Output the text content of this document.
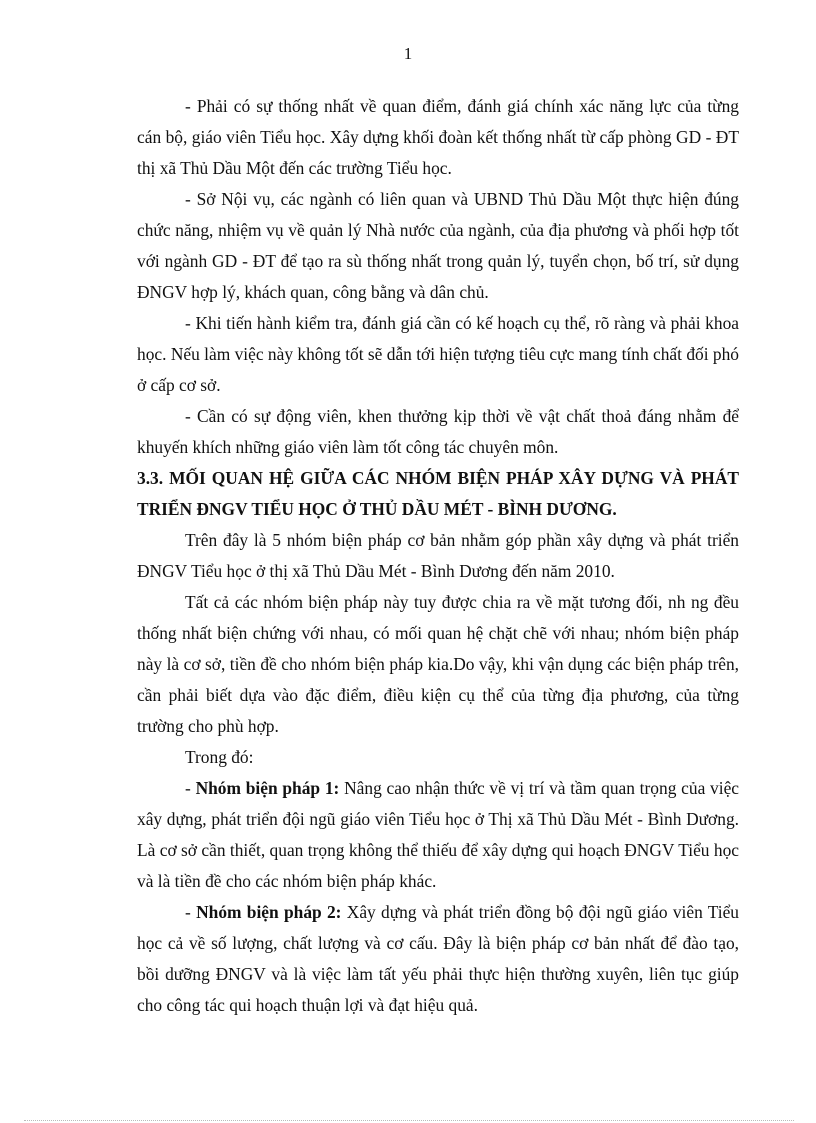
1

- Phải có sự thống nhất về quan điểm, đánh giá chính xác năng lực của từng cán bộ, giáo viên Tiểu học. Xây dựng khối đoàn kết thống nhất từ cấp phòng GD - ĐT thị xã Thủ Dầu Một đến các trường Tiểu học.

- Sở Nội vụ, các ngành có liên quan và UBND Thủ Dầu Một thực hiện đúng chức năng, nhiệm vụ về quản lý Nhà nước của ngành, của địa phương và phối hợp tốt với ngành GD - ĐT để tạo ra sù thống nhất trong quản lý, tuyển chọn, bố trí, sử dụng ĐNGV hợp lý, khách quan, công bằng và dân chủ.

- Khi tiến hành kiểm tra, đánh giá cần có kế hoạch cụ thể, rõ ràng và phải khoa học. Nếu làm việc này không tốt sẽ dẫn tới hiện tượng tiêu cực mang tính chất đối phó ở cấp cơ sở.

- Cần có sự động viên, khen thưởng kịp thời về vật chất thoả đáng nhằm để khuyến khích những giáo viên làm tốt công tác chuyên môn.

3.3. MỐI QUAN HỆ GIỮA CÁC NHÓM BIỆN PHÁP XÂY DỰNG VÀ PHÁT TRIỂN ĐNGV TIỂU HỌC Ở THỦ DẦU MÉT - BÌNH DƯƠNG.

Trên đây là 5 nhóm biện pháp cơ bản nhằm góp phần xây dựng và phát triển ĐNGV Tiểu học ở thị xã Thủ Dầu Mét - Bình Dương đến năm 2010.

Tất cả các nhóm biện pháp này tuy được chia ra về mặt tương đối, nh ng đều thống nhất biện chứng với nhau, có mối quan hệ chặt chẽ với nhau; nhóm biện pháp này là cơ sở, tiền đề cho nhóm biện pháp kia.Do vậy, khi vận dụng các biện pháp trên, cần phải biết dựa vào đặc điểm, điều kiện cụ thể của từng địa phương, của từng trường cho phù hợp.

Trong đó:

- Nhóm biện pháp 1: Nâng cao nhận thức về vị trí và tầm quan trọng của việc xây dựng, phát triển đội ngũ giáo viên Tiểu học ở Thị xã Thủ Dầu Mét - Bình Dương. Là cơ sở cần thiết, quan trọng không thể thiếu để xây dựng qui hoạch ĐNGV Tiểu học và là tiền đề cho các nhóm biện pháp khác.

- Nhóm biện pháp 2: Xây dựng và phát triển đồng bộ đội ngũ giáo viên Tiểu học cả về số lượng, chất lượng và cơ cấu. Đây là biện pháp cơ bản nhất để đào tạo, bồi dưỡng ĐNGV và là việc làm tất yếu phải thực hiện thường xuyên, liên tục giúp cho công tác qui hoạch thuận lợi và đạt hiệu quả.
